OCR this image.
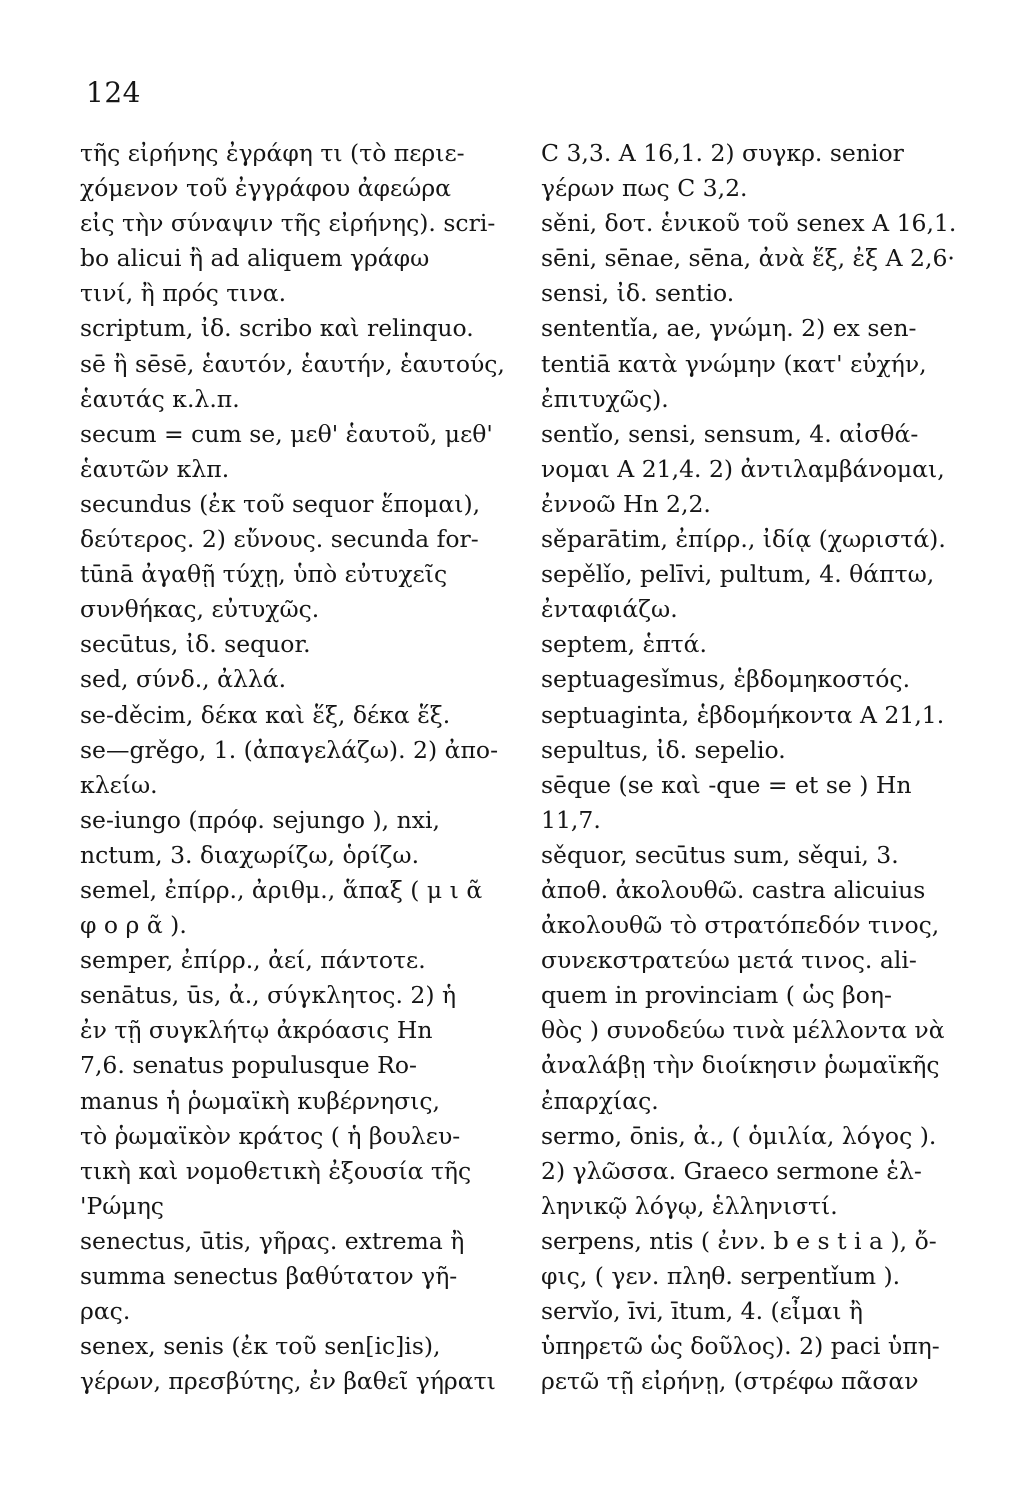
124
τῆς εἰρήνης ἐγράφη τι (τὸ περιε-
χόμενον τοῦ ἐγγράφου ἀφεώρα
εἰς τὴν σύναψιν τῆς εἰρήνης). scri-
bo alicui ἢ ad aliquem γράφω
τινί, ἢ πρός τινα.
scriptum, ἰδ. scribo καὶ relinquo.
sē ἢ sēsē, ἑαυτόν, ἑαυτήν, ἑαυτούς,
ἑαυτάς κ.λ.π.
secum = cum se, μεθ' ἑαυτοῦ, μεθ'
ἑαυτῶν κλπ.
secundus (ἐκ τοῦ sequor ἕπομαι),
δεύτερος. 2) εὔνους. secunda for-
tūnā ἀγαθῇ τύχῃ, ὑπὸ εὐτυχεῖς
συνθήκας, εὐτυχῶς.
secūtus, ἰδ. sequor.
sed, σύνδ., ἀλλά.
se-děcim, δέκα καὶ ἕξ, δέκα ἕξ.
se—grěgo, 1. (ἀπαγελάζω). 2) ἀπο-
κλείω.
se-iungo (πρόφ. sejungo ), nxi,
nctum, 3. διαχωρίζω, ὁρίζω.
semel, ἐπίρρ., ἀριθμ., ἅπαξ ( μ ι ᾶ
φ ο ρ ᾶ ).
semper, ἐπίρρ., ἀεί, πάντοτε.
senātus, ūs, ἀ., σύγκλητος. 2) ἡ
ἐν τῇ συγκλήτῳ ἀκρόασις Hn
7,6. senatus populusque Ro-
manus ἡ ῥωμαϊκὴ κυβέρνησις,
τὸ ῥωμαϊκὸν κράτος ( ἡ βουλευ-
τικὴ καὶ νομοθετικὴ ἐξουσία τῆς
'Ρώμης
senectus, ūtis, γῆρας. extrema ἢ
summa senectus βαθύτατον γῆ-
ρας.
senex, senis (ἐκ τοῦ sen[ic]is),
γέρων, πρεσβύτης, ἐν βαθεῖ γήρατι
C 3,3. A 16,1. 2) συγκρ. senior
γέρων πως C 3,2.
sěni, δοτ. ἑνικοῦ τοῦ senex A 16,1.
sēni, sēnae, sēna, ἀνὰ ἕξ, ἐξ A 2,6·
sensi, ἰδ. sentio.
sententǐa, ae, γνώμη. 2) ex sen-
tentiā κατὰ γνώμην (κατ' εὐχήν,
ἐπιτυχῶς).
sentǐo, sensi, sensum, 4. αἰσθά-
νομαι A 21,4. 2) ἀντιλαμβάνομαι,
ἐννοῶ Hn 2,2.
sěparātim, ἐπίρρ., ἰδίᾳ (χωριστά).
sepělǐo, pelīvi, pultum, 4. θάπτω,
ἐνταφιάζω.
septem, ἑπτά.
septuagesǐmus, ἑβδομηκοστός.
septuaginta, ἑβδομήκοντα A 21,1.
sepultus, ἰδ. sepelio.
sēque (se καὶ -que = et se ) Hn
11,7.
sěquor, secūtus sum, sěqui, 3.
ἀποθ. ἀκολουθῶ. castra alicuius
ἀκολουθῶ τὸ στρατόπεδόν τινος,
συνεκστρατεύω μετά τινος. ali-
quem in provinciam ( ὡς βοη-
θὸς ) συνοδεύω τινὰ μέλλοντα νὰ
ἀναλάβῃ τὴν διοίκησιν ῥωμαϊκῆς
ἐπαρχίας.
sermo, ōnis, ἀ., ( ὁμιλία, λόγος ).
2) γλῶσσα. Graeco sermone ἑλ-
ληνικῷ λόγῳ, ἑλληνιστί.
serpens, ntis ( ἐνν. b e s t i a ), ὄ-
φις, ( γεν. πληθ. serpentǐum ).
servǐo, īvi, ītum, 4. (εἶμαι ἢ
ὑπηρετῶ ὡς δοῦλος). 2) paci ὑπη-
ρετῶ τῇ εἰρήνῃ, (στρέφω πᾶσαν
